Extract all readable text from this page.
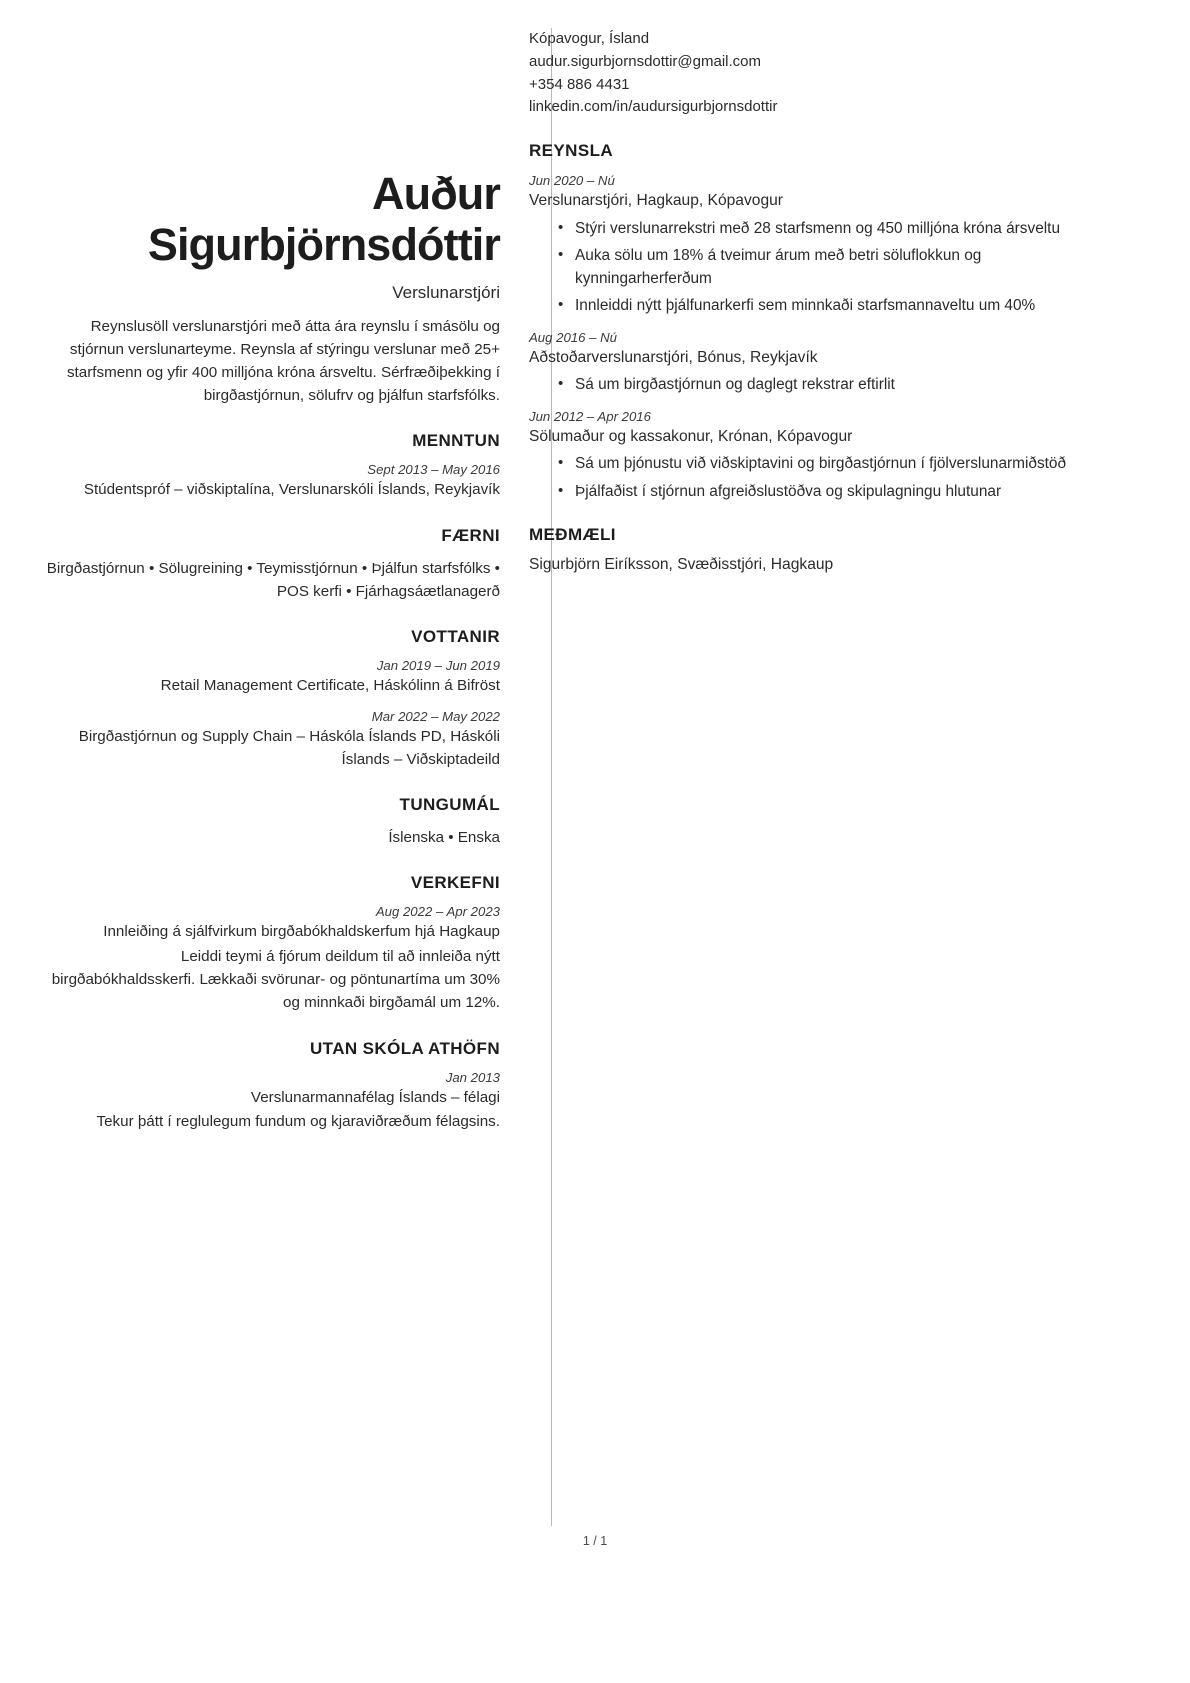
Auður
Sigurbjörnsdóttir
Verslunarstjóri
Reynslusöll verslunarstjóri með átta ára reynslu í smásölu og stjórnun verslunarteyme. Reynsla af stýringu verslunar með 25+ starfsmenn og yfir 400 milljóna króna ársveltu. Sérfræðiþekking í birgðastjórnun, sölufrv og þjálfun starfsfólks.
MENNTUN
Sept 2013 – May 2016
Stúdentspróf – viðskiptalína, Verslunarskóli Íslands, Reykjavík
FÆRNI
Birgðastjórnun • Sölugreining • Teymisstjórnun • Þjálfun starfsfólks • POS kerfi • Fjárhagsáætlanagerð
VOTTANIR
Jan 2019 – Jun 2019
Retail Management Certificate, Háskólinn á Bifröst
Mar 2022 – May 2022
Birgðastjórnun og Supply Chain – Háskóla Íslands PD, Háskóli Íslands – Viðskiptadeild
TUNGUMÁL
Íslenska • Enska
VERKEFNI
Aug 2022 – Apr 2023
Innleiðing á sjálfvirkum birgðabókhaldskerfum hjá Hagkaup
Leiddi teymi á fjórum deildum til að innleiða nýtt birgðabókhaldsskerfi. Lækkaði svörunar- og pöntunartíma um 30% og minnkaði birgðamál um 12%.
UTAN SKÓLA ATHÖFN
Jan 2013
Verslunarmannafélag Íslands – félagi
Tekur þátt í reglulegum fundum og kjaraviðræðum félagsins.
Kópavogur, Ísland
audur.sigurbjornsdottir@gmail.com
+354 886 4431
linkedin.com/in/audursigurbjornsdottir
REYNSLA
Jun 2020 – Nú
Verslunarstjóri, Hagkaup, Kópavogur
• Stýri verslunarrekstri með 28 starfsmenn og 450 milljóna króna ársveltu
• Auka sölu um 18% á tveimur árum með betri söluflokkun og kynningarherferðum
• Innleiddi nýtt þjálfunarkerfi sem minnkaði starfsmannaveltu um 40%
Aug 2016 – Nú
Aðstoðarverslunarstjóri, Bónus, Reykjavík
• Sá um birgðastjórnun og daglegt rekstrar eftirlit
Jun 2012 – Apr 2016
Sölumaður og kassakonur, Krónan, Kópavogur
• Sá um þjónustu við viðskiptavini og birgðastjórnun í fjölverslunarmiðstöð
• Þjálfaðist í stjórnun afgreiðslustöðva og skipulagningu hlutunar
MEÐMÆLI
Sigurbjörn Eiríksson, Svæðisstjóri, Hagkaup
1 / 1
